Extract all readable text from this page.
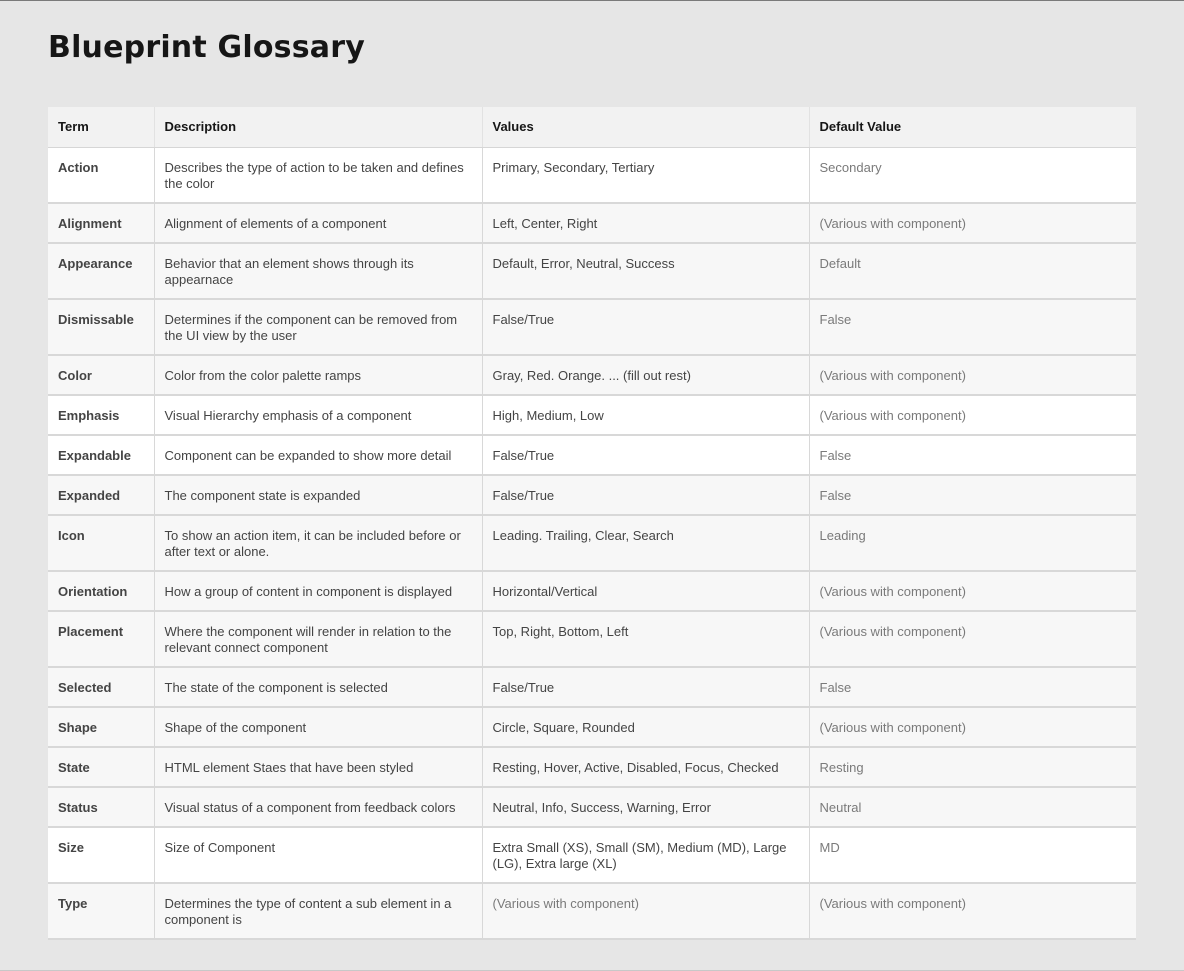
Blueprint Glossary
Term	Description	Values	Default Value
Action	Describes the type of action to be taken and defines the color	Primary, Secondary, Tertiary	Secondary
Alignment	Alignment of elements of a component	Left, Center, Right	(Various with component)
Appearance	Behavior that an element shows through its appearnace	Default, Error, Neutral, Success	Default
Dismissable	Determines if the component can be removed from the UI view by the user	False/True	False
Color	Color from the color palette ramps	Gray, Red. Orange. ... (fill out rest)	(Various with component)
Emphasis	Visual Hierarchy emphasis of a component	High, Medium, Low	(Various with component)
Expandable	Component can be expanded to show more detail	False/True	False
Expanded	The component state is expanded	False/True	False
Icon	To show an action item, it can be included before or after text or alone.	Leading. Trailing, Clear, Search	Leading
Orientation	How a group of content in component is displayed	Horizontal/Vertical	(Various with component)
Placement	Where the component will render in relation to the relevant connect component	Top, Right, Bottom, Left	(Various with component)
Selected	The state of the component is selected	False/True	False
Shape	Shape of the component	Circle, Square, Rounded	(Various with component)
State	HTML element Staes that have been styled	Resting, Hover, Active, Disabled, Focus, Checked	Resting
Status	Visual status of a component from feedback colors	Neutral, Info, Success, Warning, Error	Neutral
Size	Size of Component	Extra Small (XS), Small (SM), Medium (MD), Large (LG), Extra large (XL)	MD
Type	Determines the type of content a sub element in a component is	(Various with component)	(Various with component)
